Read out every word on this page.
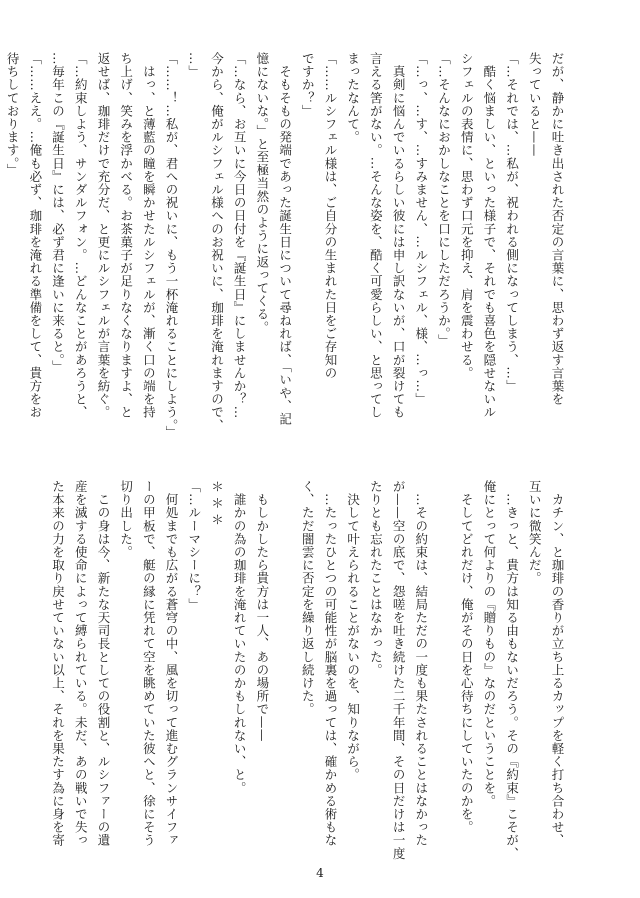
だが、静かに吐き出された否定の言葉に、思わず返す言葉を

失っていると——

「…それでは、…私が、祝われる側になってしまう、…」

　酷く悩ましい、といった様子で、それでも喜色を隠せないル

シフェルの表情に、思わず口元を抑え、肩を震わせる。

「…そんなにおかしなことを口にしただろうか。」

「…っ、…す、…すみません、…ルシフェル、様、…っ…」

　真剣に悩んでいるらしい彼には申し訳ないが、口が裂けても

言える筈がない。…そんな姿を、酷く可愛らしい、と思ってし

まったなんて。

「……ルシフェル様は、ご自分の生まれた日をご存知の

ですか？」

　そもそもの発端であった誕生日について尋ねれば、「いや、記

憶にないな。」と至極当然のように返ってくる。

「…なら、お互いに今日の日付を『誕生日』にしませんか？…

今から、俺がルシフェル様へのお祝いに、珈琲を淹れますので、

…」

「……！…私が、君への祝いに、もう一杯淹れることにしよう。」

　はっ、と薄藍の瞳を瞬かせたルシフェルが、漸く口の端を持

ち上げ、笑みを浮かべる。お茶菓子が足りなくなりますよ、と

返せば、珈琲だけで充分だ、と更にルシフェルが言葉を紡ぐ。

「…約束しよう、サンダルフォン。…どんなことがあろうと、

…毎年この『誕生日』には、必ず君に逢いに来ると。」

「……ええ。…俺も必ず、珈琲を淹れる準備をして、貴方をお

待ちしております。」

　カチン、と珈琲の香りが立ち上るカップを軽く打ち合わせ、

互いに微笑んだ。

　…きっと、貴方は知る由もないだろう。その『約束』こそが、

俺にとって何よりの『贈りもの』なのだということを。

　そしてどれだけ、俺がその日を心待ちにしていたのかを。

　…その約束は、結局ただの一度も果たされることはなかった

が——空の底で、怨嗟を吐き続けた二千年間、その日だけは一度

たりとも忘れたことはなかった。

　決して叶えられることがないのを、知りながら。

　…たったひとつの可能性が脳裏を過っては、確かめる術もな

く、ただ闇雲に否定を繰り返し続けた。

　もしかしたら貴方は一人、あの場所で——

　誰かの為の珈琲を淹れていたのかもしれない、と。

＊＊＊

「…ルーマシーに？」

　何処までも広がる蒼穹の中、風を切って進むグランサイファ

ーの甲板で、艇の縁に凭れて空を眺めていた彼へと、徐にそう

切り出した。

　この身は今、新たな天司長としての役割と、ルシファーの遺

産を滅する使命によって縛られている。未だ、あの戦いで失っ

た本来の力を取り戻せていない以上、それを果たす為に身を寄

4
